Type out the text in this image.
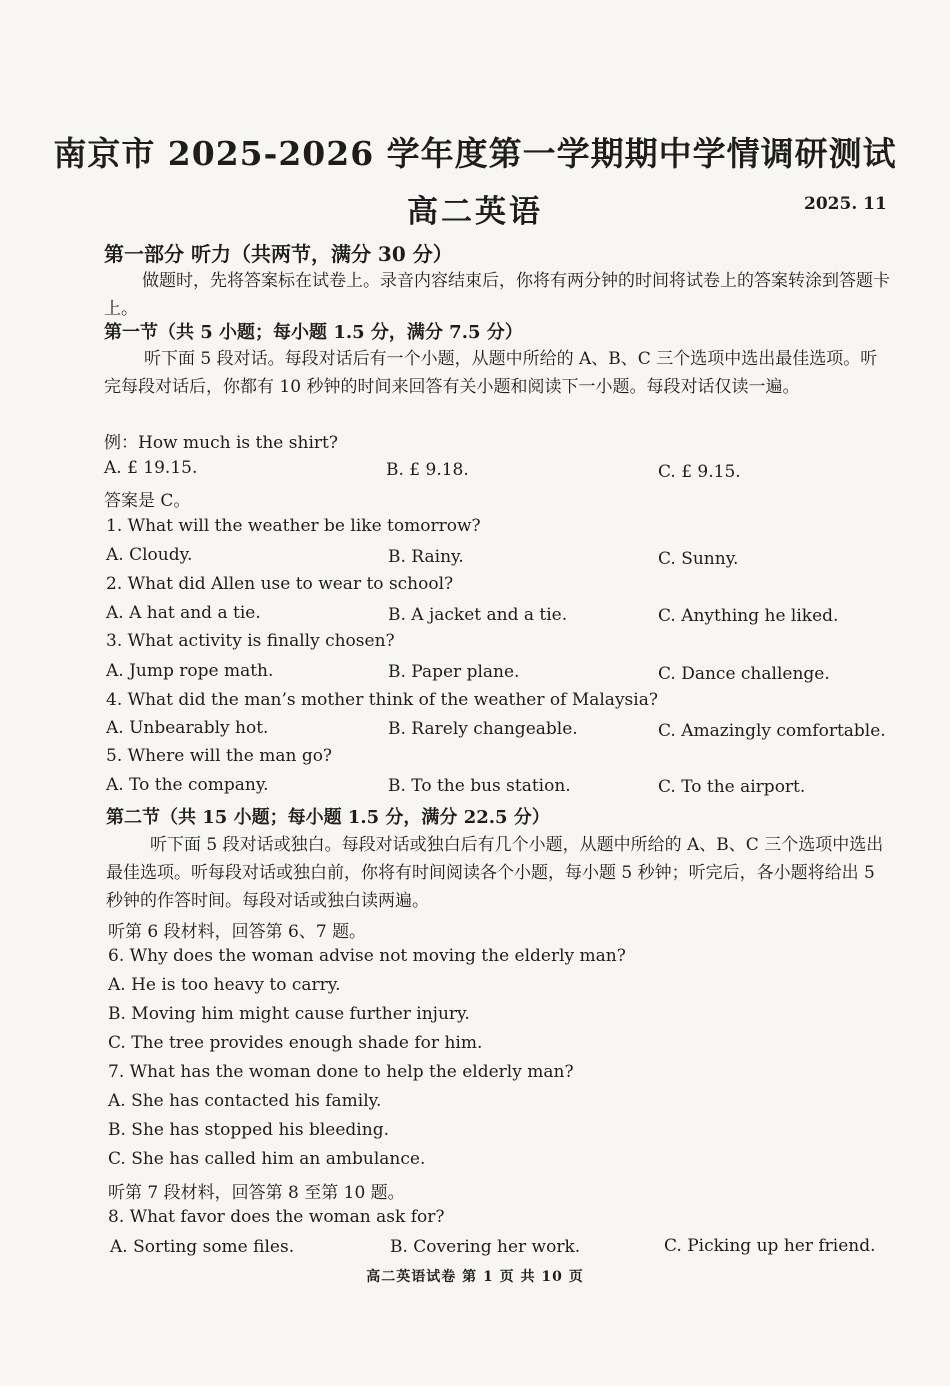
南京市 2025-2026 学年度第一学期期中学情调研测试
高二英语	2025. 11
第一部分 听力（共两节，满分 30 分）
做题时，先将答案标在试卷上。录音内容结束后，你将有两分钟的时间将试卷上的答案转涂到答题卡上。
第一节（共 5 小题；每小题 1.5 分，满分 7.5 分）
听下面 5 段对话。每段对话后有一个小题，从题中所给的 A、B、C 三个选项中选出最佳选项。听完每段对话后，你都有 10 秒钟的时间来回答有关小题和阅读下一小题。每段对话仅读一遍。
例：How much is the shirt?
A. £ 19.15.	B. £ 9.18.	C. £ 9.15.
答案是 C。
1. What will the weather be like tomorrow?
A. Cloudy.	B. Rainy.	C. Sunny.
2. What did Allen use to wear to school?
A. A hat and a tie.	B. A jacket and a tie.	C. Anything he liked.
3. What activity is finally chosen?
A. Jump rope math.	B. Paper plane.	C. Dance challenge.
4. What did the man’s mother think of the weather of Malaysia?
A. Unbearably hot.	B. Rarely changeable.	C. Amazingly comfortable.
5. Where will the man go?
A. To the company.	B. To the bus station.	C. To the airport.
第二节（共 15 小题；每小题 1.5 分，满分 22.5 分）
听下面 5 段对话或独白。每段对话或独白后有几个小题，从题中所给的 A、B、C 三个选项中选出最佳选项。听每段对话或独白前，你将有时间阅读各个小题，每小题 5 秒钟；听完后，各小题将给出 5 秒钟的作答时间。每段对话或独白读两遍。
听第 6 段材料，回答第 6、7 题。
6. Why does the woman advise not moving the elderly man?
A. He is too heavy to carry.
B. Moving him might cause further injury.
C. The tree provides enough shade for him.
7. What has the woman done to help the elderly man?
A. She has contacted his family.
B. She has stopped his bleeding.
C. She has called him an ambulance.
听第 7 段材料，回答第 8 至第 10 题。
8. What favor does the woman ask for?
A. Sorting some files.	B. Covering her work.	C. Picking up her friend.
高二英语试卷 第 1 页 共 10 页
